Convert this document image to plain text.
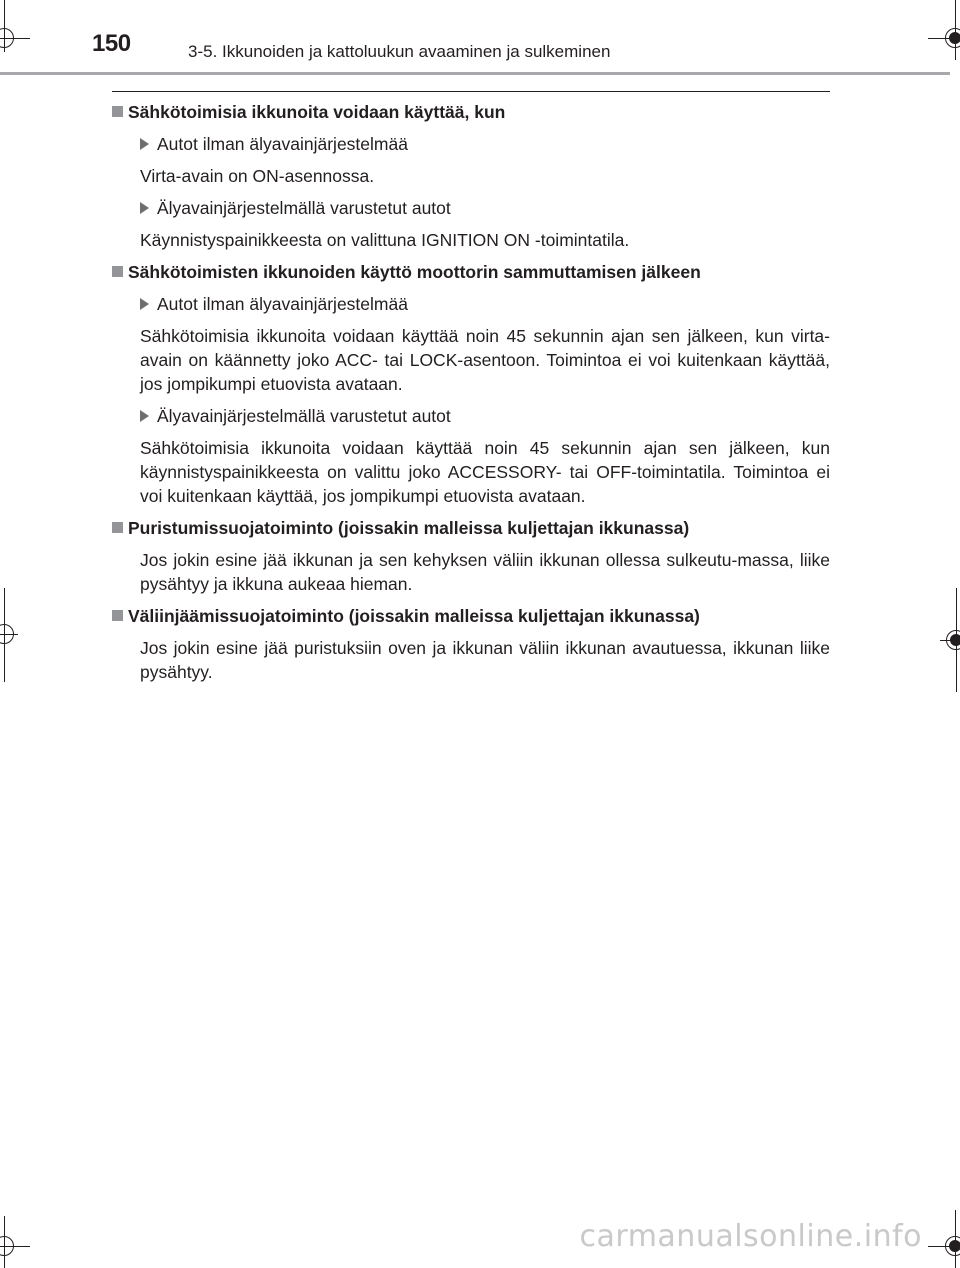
150	3-5. Ikkunoiden ja kattoluukun avaaminen ja sulkeminen
Sähkötoimisia ikkunoita voidaan käyttää, kun
Autot ilman älyavainjärjestelmää
Virta-avain on ON-asennossa.
Älyavainjärjestelmällä varustetut autot
Käynnistyspainikkeesta on valittuna IGNITION ON -toimintatila.
Sähkötoimisten ikkunoiden käyttö moottorin sammuttamisen jälkeen
Autot ilman älyavainjärjestelmää
Sähkötoimisia ikkunoita voidaan käyttää noin 45 sekunnin ajan sen jälkeen, kun virta-avain on käännetty joko ACC- tai LOCK-asentoon. Toimintoa ei voi kuitenkaan käyttää, jos jompikumpi etuovista avataan.
Älyavainjärjestelmällä varustetut autot
Sähkötoimisia ikkunoita voidaan käyttää noin 45 sekunnin ajan sen jälkeen, kun käynnistyspainikkeesta on valittu joko ACCESSORY- tai OFF-toimintatila. Toimintoa ei voi kuitenkaan käyttää, jos jompikumpi etuovista avataan.
Puristumissuojatoiminto (joissakin malleissa kuljettajan ikkunassa)
Jos jokin esine jää ikkunan ja sen kehyksen väliin ikkunan ollessa sulkeutu-massa, liike pysähtyy ja ikkuna aukeaa hieman.
Väliinjäämissuojatoiminto (joissakin malleissa kuljettajan ikkunassa)
Jos jokin esine jää puristuksiin oven ja ikkunan väliin ikkunan avautuessa, ikkunan liike pysähtyy.
carmanualsonline.info
